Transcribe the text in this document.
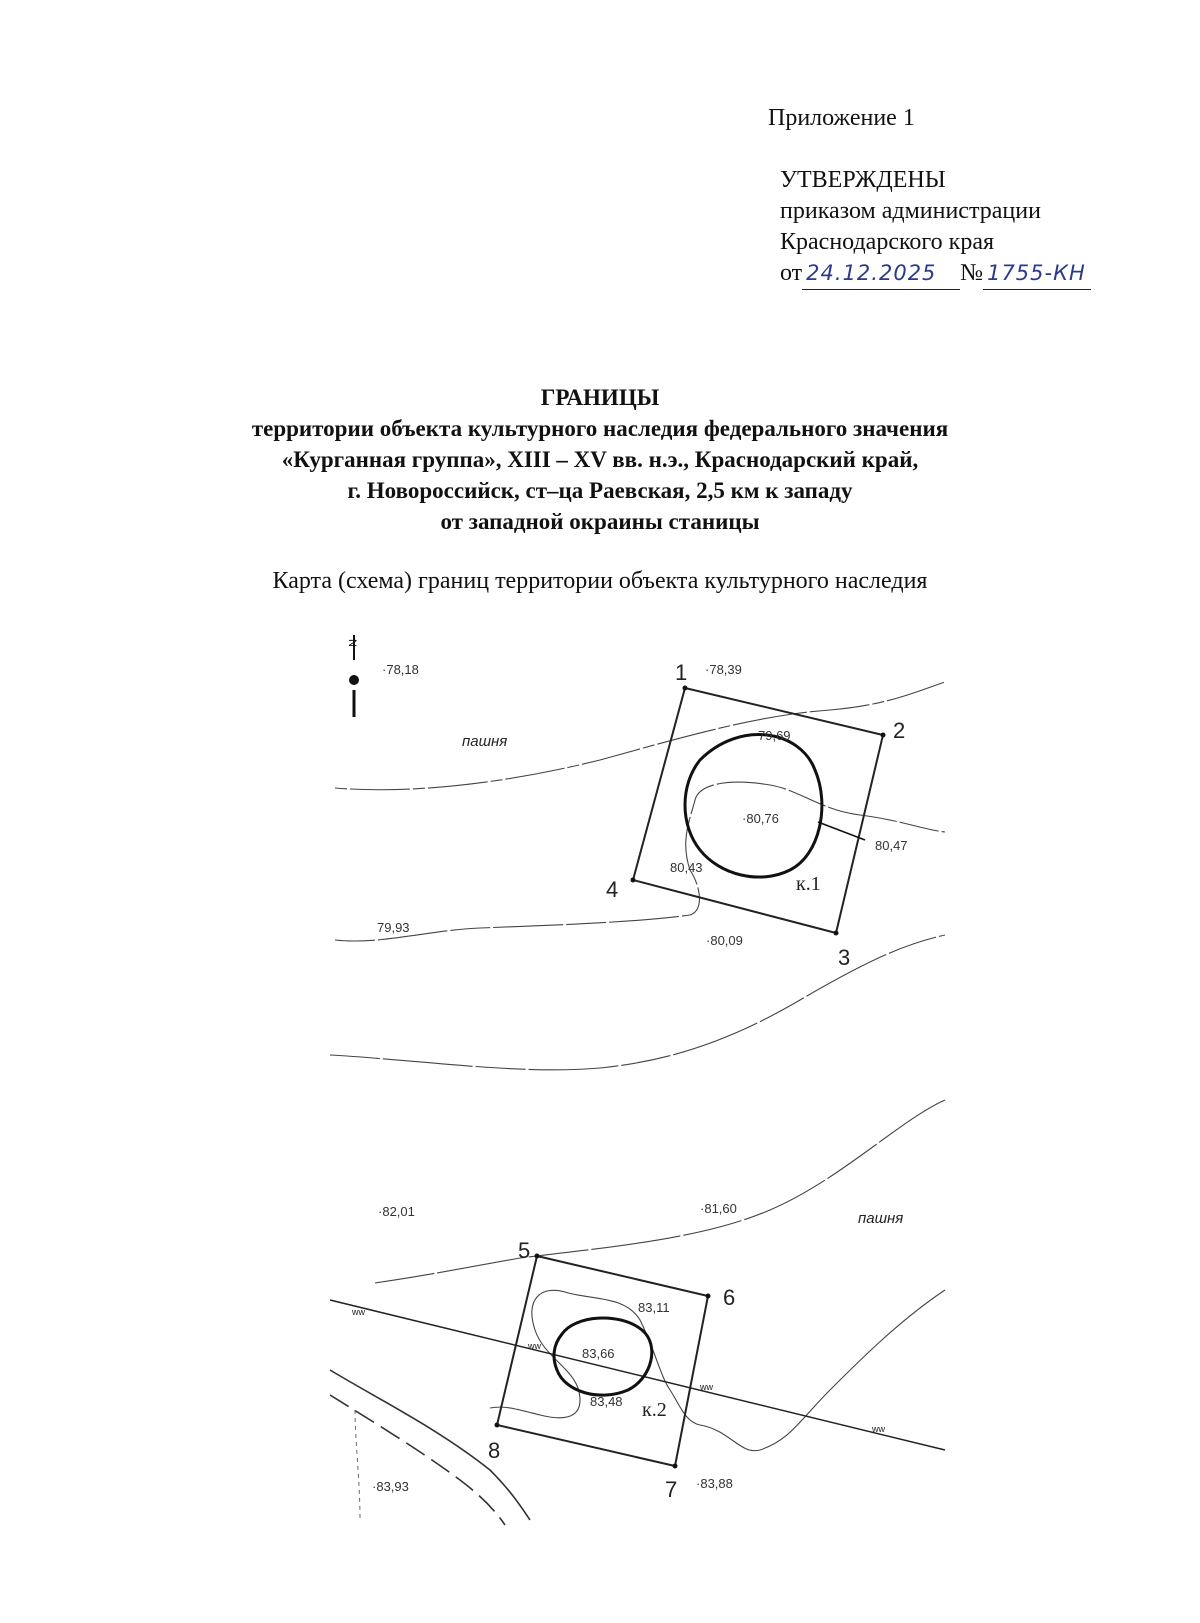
Приложение 1
УТВЕРЖДЕНЫ
приказом администрации
Краснодарского края
от 24.12.2025 № 1755-КН
ГРАНИЦЫ
территории объекта культурного наследия федерального значения
«Курганная группа», XIII – XV вв. н.э., Краснодарский край,
г. Новороссийск, ст–ца Раевская, 2,5 км к западу
от западной окраины станицы
Карта (схема) границ территории объекта культурного наследия
N
1
2
3
4
5
6
7
8
к.1
к.2
пашня
пашня
ww
ww
ww
ww
·78,18	·78,39
79,69
·80,76
80,47
80,43
79,93
·80,09
·82,01	·81,60
83,11
83,66
83,48
·83,93	·83,88
